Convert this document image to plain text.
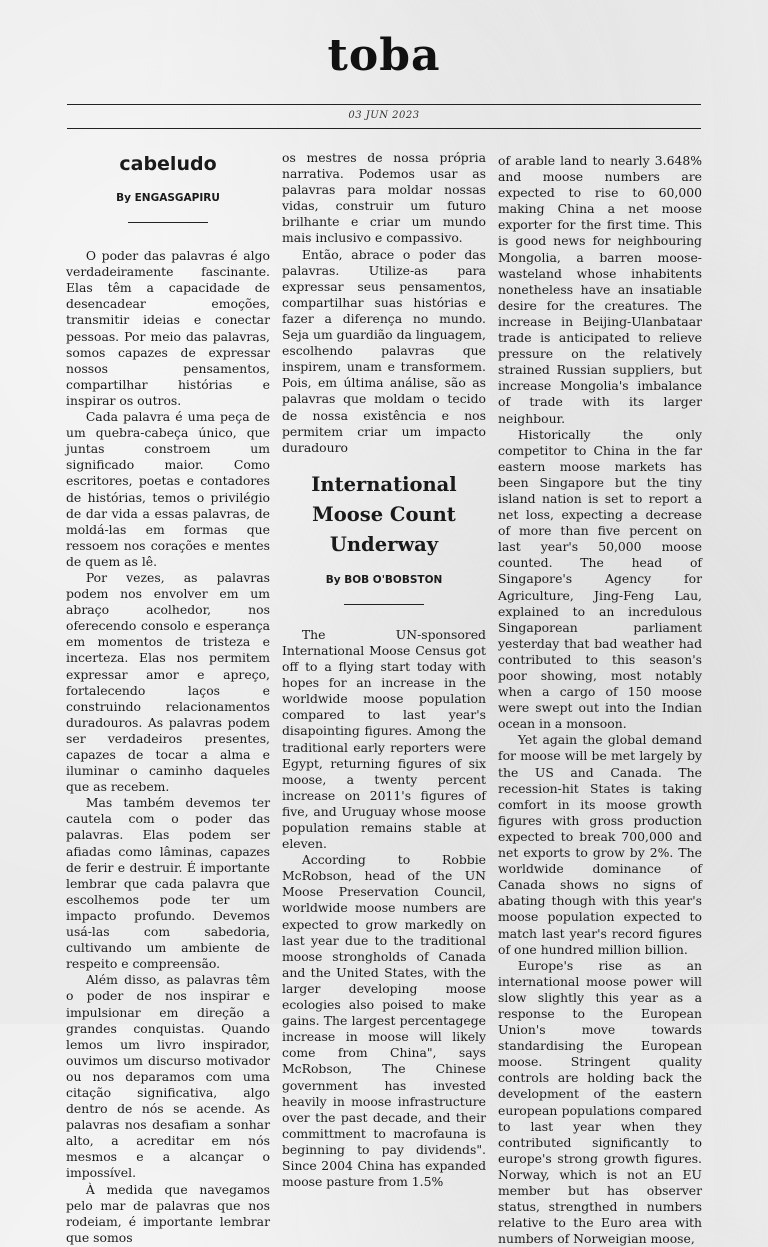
toba
03 JUN 2023
cabeludo
By ENGASGAPIRU

O poder das palavras é algo verdadeiramente fascinante. Elas têm a capacidade de desencadear emoções, transmitir ideias e conectar pessoas. Por meio das palavras, somos capazes de expressar nossos pensamentos, compartilhar histórias e inspirar os outros.

Cada palavra é uma peça de um quebra-cabeça único, que juntas constroem um significado maior. Como escritores, poetas e contadores de histórias, temos o privilégio de dar vida a essas palavras, de moldá-las em formas que ressoem nos corações e mentes de quem as lê.

Por vezes, as palavras podem nos envolver em um abraço acolhedor, nos oferecendo consolo e esperança em momentos de tristeza e incerteza. Elas nos permitem expressar amor e apreço, fortalecendo laços e construindo relacionamentos duradouros. As palavras podem ser verdadeiros presentes, capazes de tocar a alma e iluminar o caminho daqueles que as recebem.

Mas também devemos ter cautela com o poder das palavras. Elas podem ser afiadas como lâminas, capazes de ferir e destruir. É importante lembrar que cada palavra que escolhemos pode ter um impacto profundo. Devemos usá-las com sabedoria, cultivando um ambiente de respeito e compreensão.

Além disso, as palavras têm o poder de nos inspirar e impulsionar em direção a grandes conquistas. Quando lemos um livro inspirador, ouvimos um discurso motivador ou nos deparamos com uma citação significativa, algo dentro de nós se acende. As palavras nos desafiam a sonhar alto, a acreditar em nós mesmos e a alcançar o impossível.

À medida que navegamos pelo mar de palavras que nos rodeiam, é importante lembrar que somos

os mestres de nossa própria narrativa. Podemos usar as palavras para moldar nossas vidas, construir um futuro brilhante e criar um mundo mais inclusivo e compassivo.

Então, abrace o poder das palavras. Utilize-as para expressar seus pensamentos, compartilhar suas histórias e fazer a diferença no mundo. Seja um guardião da linguagem, escolhendo palavras que inspirem, unam e transformem. Pois, em última análise, são as palavras que moldam o tecido de nossa existência e nos permitem criar um impacto duradouro

International Moose Count Underway
By BOB O'BOBSTON

The UN-sponsored International Moose Census got off to a flying start today with hopes for an increase in the worldwide moose population compared to last year's disapointing figures. Among the traditional early reporters were Egypt, returning figures of six moose, a twenty percent increase on 2011's figures of five, and Uruguay whose moose population remains stable at eleven.

According to Robbie McRobson, head of the UN Moose Preservation Council, worldwide moose numbers are expected to grow markedly on last year due to the traditional moose strongholds of Canada and the United States, with the larger developing moose ecologies also poised to make gains. The largest percentagege increase in moose will likely come from China", says McRobson, The Chinese government has invested heavily in moose infrastructure over the past decade, and their committment to macrofauna is beginning to pay dividends". Since 2004 China has expanded moose pasture from 1.5%

of arable land to nearly 3.648% and moose numbers are expected to rise to 60,000 making China a net moose exporter for the first time. This is good news for neighbouring Mongolia, a barren moose-wasteland whose inhabitents nonetheless have an insatiable desire for the creatures. The increase in Beijing-Ulanbataar trade is anticipated to relieve pressure on the relatively strained Russian suppliers, but increase Mongolia's imbalance of trade with its larger neighbour.

Historically the only competitor to China in the far eastern moose markets has been Singapore but the tiny island nation is set to report a net loss, expecting a decrease of more than five percent on last year's 50,000 moose counted. The head of Singapore's Agency for Agriculture, Jing-Feng Lau, explained to an incredulous Singaporean parliament yesterday that bad weather had contributed to this season's poor showing, most notably when a cargo of 150 moose were swept out into the Indian ocean in a monsoon.

Yet again the global demand for moose will be met largely by the US and Canada. The recession-hit States is taking comfort in its moose growth figures with gross production expected to break 700,000 and net exports to grow by 2%. The worldwide dominance of Canada shows no signs of abating though with this year's moose population expected to match last year's record figures of one hundred million billion.

Europe's rise as an international moose power will slow slightly this year as a response to the European Union's move towards standardising the European moose. Stringent quality controls are holding back the development of the eastern european populations compared to last year when they contributed significantly to europe's strong growth figures. Norway, which is not an EU member but has observer status, strengthed in numbers relative to the Euro area with numbers of Norweigian moose,
